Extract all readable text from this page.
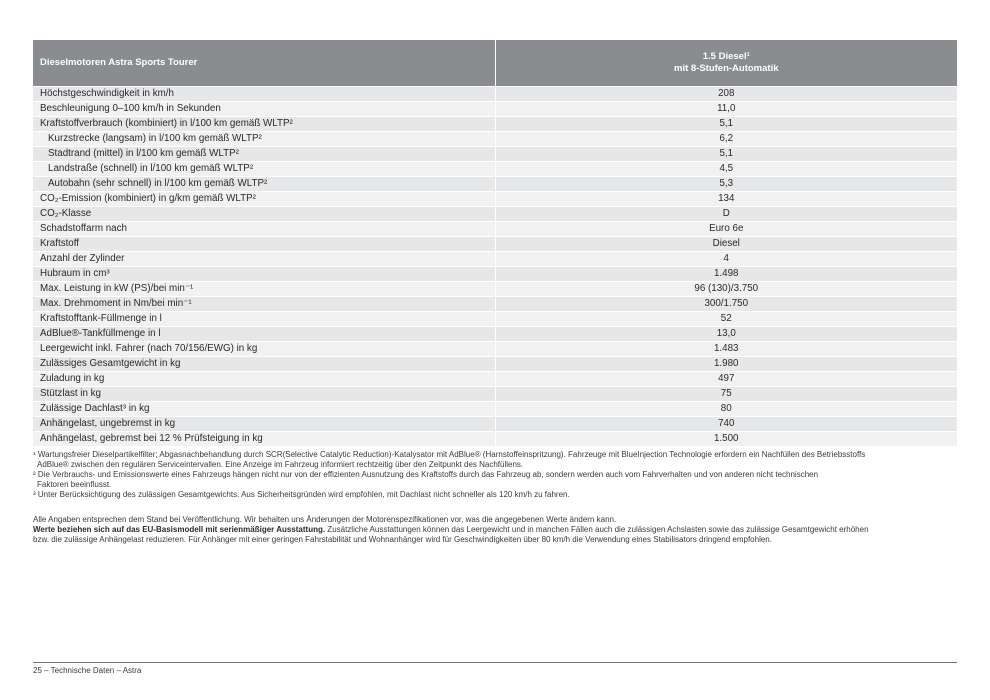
Dieselmotoren Astra Sports Tourer	1.5 Diesel¹
mit 8-Stufen-Automatik

Höchstgeschwindigkeit in km/h	208
Beschleunigung 0–100 km/h in Sekunden	11,0
Kraftstoffverbrauch (kombiniert) in l/100 km gemäß WLTP²	5,1
Kurzstrecke (langsam) in l/100 km gemäß WLTP²	6,2
Stadtrand (mittel) in l/100 km gemäß WLTP²	5,1
Landstraße (schnell) in l/100 km gemäß WLTP²	4,5
Autobahn (sehr schnell) in l/100 km gemäß WLTP²	5,3
CO₂-Emission (kombiniert) in g/km gemäß WLTP²	134
CO₂-Klasse	D
Schadstoffarm nach	Euro 6e
Kraftstoff	Diesel
Anzahl der Zylinder	4
Hubraum in cm³	1.498
Max. Leistung in kW (PS)/bei min⁻¹	96 (130)/3.750
Max. Drehmoment in Nm/bei min⁻¹	300/1.750
Kraftstofftank-Füllmenge in l	52
AdBlue®-Tankfüllmenge in l	13,0
Leergewicht inkl. Fahrer (nach 70/156/EWG) in kg	1.483
Zulässiges Gesamtgewicht in kg	1.980
Zuladung in kg	497
Stützlast in kg	75
Zulässige Dachlast³ in kg	80
Anhängelast, ungebremst in kg	740
Anhängelast, gebremst bei 12 % Prüfsteigung in kg	1.500

¹ Wartungsfreier Dieselpartikelfilter; Abgasnachbehandlung durch SCR(Selective Catalytic Reduction)-Katalysator mit AdBlue® (Harnstoffeinspritzung). Fahrzeuge mit BlueInjection Technologie erfordern ein Nachfüllen des Betriebsstoffs

AdBlue® zwischen den regulären Serviceintervallen. Eine Anzeige im Fahrzeug informiert rechtzeitig über den Zeitpunkt des Nachfüllens.

² Die Verbrauchs- und Emissionswerte eines Fahrzeugs hängen nicht nur von der effizienten Ausnutzung des Kraftstoffs durch das Fahrzeug ab, sondern werden auch vom Fahrverhalten und von anderen nicht technischen

Faktoren beeinflusst.

³ Unter Berücksichtigung des zulässigen Gesamtgewichts. Aus Sicherheitsgründen wird empfohlen, mit Dachlast nicht schneller als 120 km/h zu fahren.

Alle Angaben entsprechen dem Stand bei Veröffentlichung. Wir behalten uns Änderungen der Motorenspezifikationen vor, was die angegebenen Werte ändern kann.

Werte beziehen sich auf das EU-Basismodell mit serienmäßiger Ausstattung. Zusätzliche Ausstattungen können das Leergewicht und in manchen Fällen auch die zulässigen Achslasten sowie das zulässige Gesamtgewicht erhöhen

bzw. die zulässige Anhängelast reduzieren. Für Anhänger mit einer geringen Fahrstabilität und Wohnanhänger wird für Geschwindigkeiten über 80 km/h die Verwendung eines Stabilisators dringend empfohlen.

25 – Technische Daten – Astra
